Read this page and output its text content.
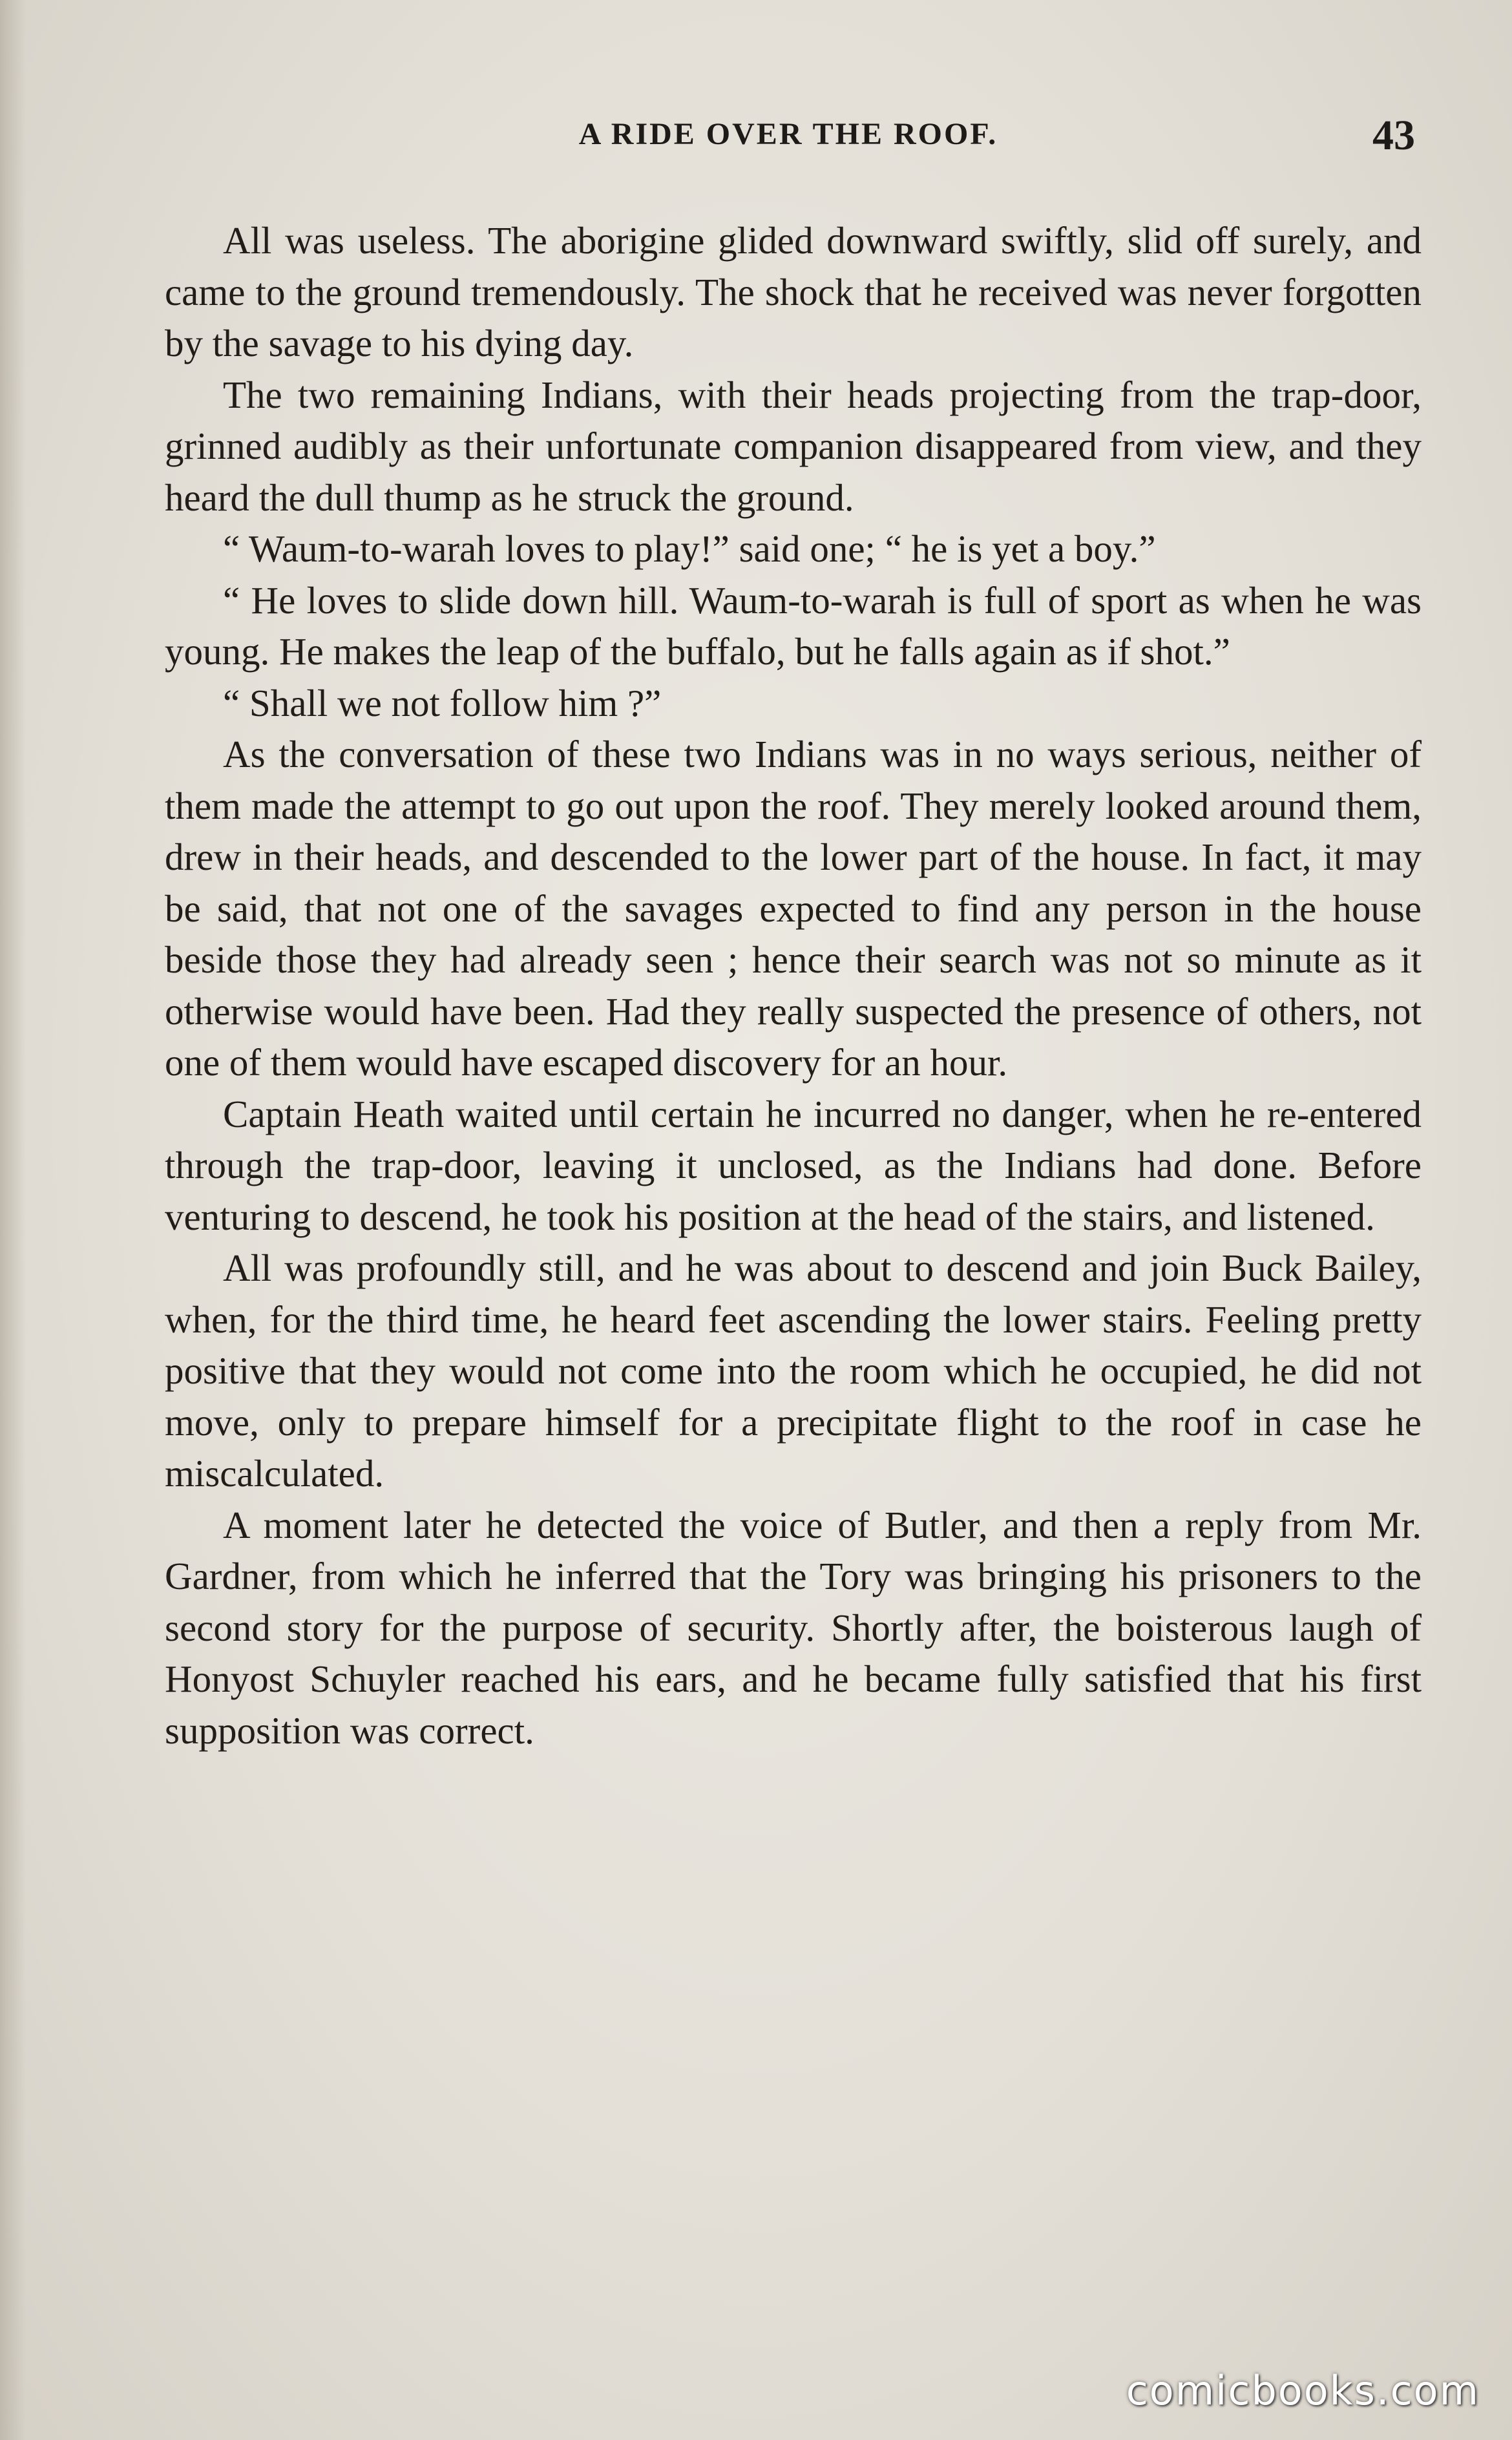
A RIDE OVER THE ROOF.	43

All was useless. The aborigine glided downward swiftly, slid off surely, and came to the ground tremendously. The shock that he received was never forgotten by the savage to his dying day.

The two remaining Indians, with their heads projecting from the trap-door, grinned audibly as their unfortunate companion disappeared from view, and they heard the dull thump as he struck the ground.

“ Waum-to-warah loves to play!” said one; “ he is yet a boy.”

“ He loves to slide down hill. Waum-to-warah is full of sport as when he was young. He makes the leap of the buffalo, but he falls again as if shot.”

“ Shall we not follow him ?”

As the conversation of these two Indians was in no ways serious, neither of them made the attempt to go out upon the roof. They merely looked around them, drew in their heads, and descended to the lower part of the house. In fact, it may be said, that not one of the savages expected to find any person in the house beside those they had already seen ; hence their search was not so minute as it otherwise would have been. Had they really suspected the presence of others, not one of them would have escaped discovery for an hour.

Captain Heath waited until certain he incurred no danger, when he re-entered through the trap-door, leaving it unclosed, as the Indians had done. Before venturing to descend, he took his position at the head of the stairs, and listened.

All was profoundly still, and he was about to descend and join Buck Bailey, when, for the third time, he heard feet ascending the lower stairs. Feeling pretty positive that they would not come into the room which he occupied, he did not move, only to prepare himself for a precipitate flight to the roof in case he miscalculated.

A moment later he detected the voice of Butler, and then a reply from Mr. Gardner, from which he inferred that the Tory was bringing his prisoners to the second story for the purpose of security. Shortly after, the boisterous laugh of Honyost Schuyler reached his ears, and he became fully satisfied that his first supposition was correct.

comicbooks.com
